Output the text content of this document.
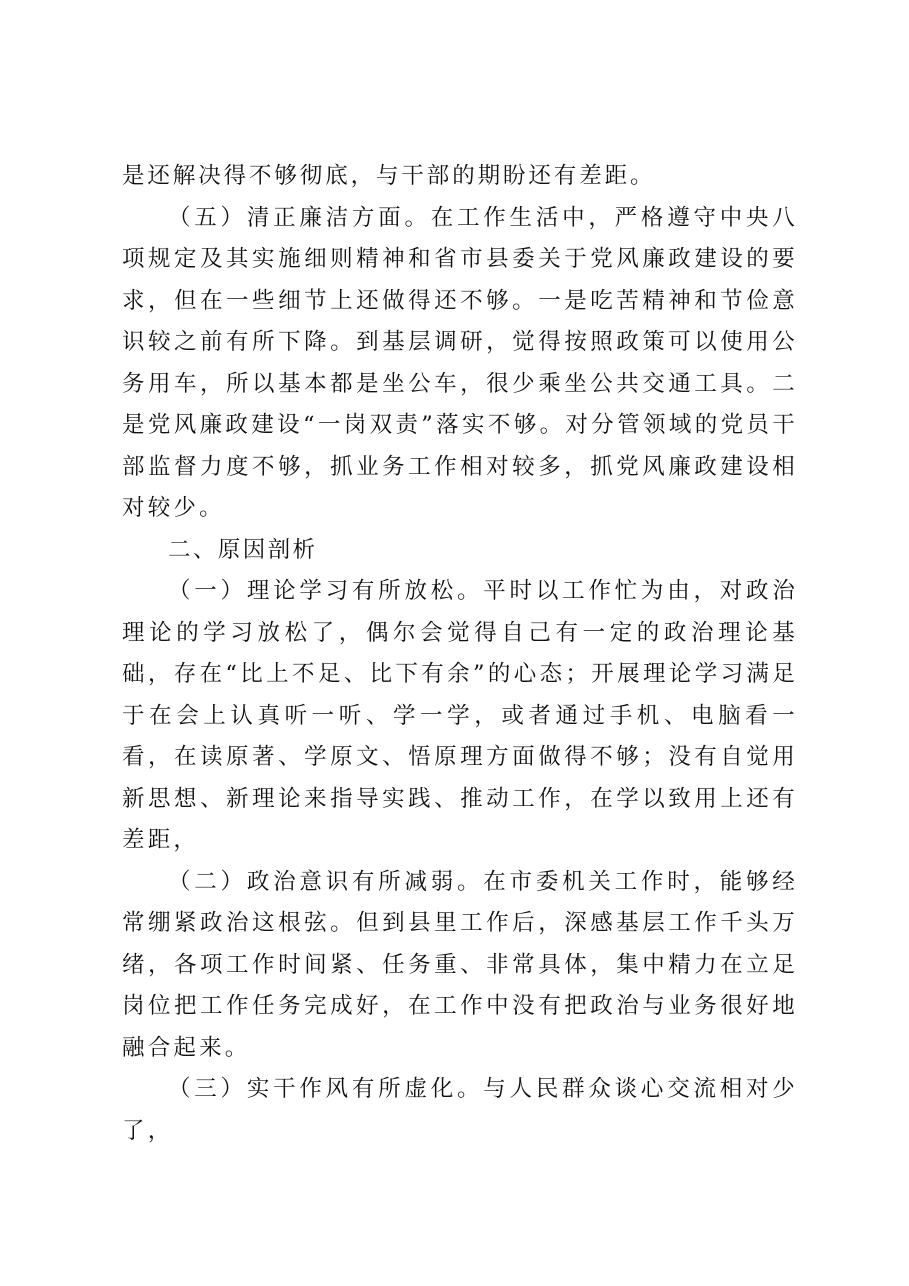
是还解决得不够彻底，与干部的期盼还有差距。

（五）清正廉洁方面。在工作生活中，严格遵守中央八项规定及其实施细则精神和省市县委关于党风廉政建设的要求，但在一些细节上还做得还不够。一是吃苦精神和节俭意识较之前有所下降。到基层调研，觉得按照政策可以使用公务用车，所以基本都是坐公车，很少乘坐公共交通工具。二是党风廉政建设“一岗双责”落实不够。对分管领域的党员干部监督力度不够，抓业务工作相对较多，抓党风廉政建设相对较少。

二、原因剖析

（一）理论学习有所放松。平时以工作忙为由，对政治理论的学习放松了，偶尔会觉得自己有一定的政治理论基础，存在“比上不足、比下有余”的心态；开展理论学习满足于在会上认真听一听、学一学，或者通过手机、电脑看一看，在读原著、学原文、悟原理方面做得不够；没有自觉用新思想、新理论来指导实践、推动工作，在学以致用上还有差距，

（二）政治意识有所减弱。在市委机关工作时，能够经常绷紧政治这根弦。但到县里工作后，深感基层工作千头万绪，各项工作时间紧、任务重、非常具体，集中精力在立足岗位把工作任务完成好，在工作中没有把政治与业务很好地融合起来。

（三）实干作风有所虚化。与人民群众谈心交流相对少了，
